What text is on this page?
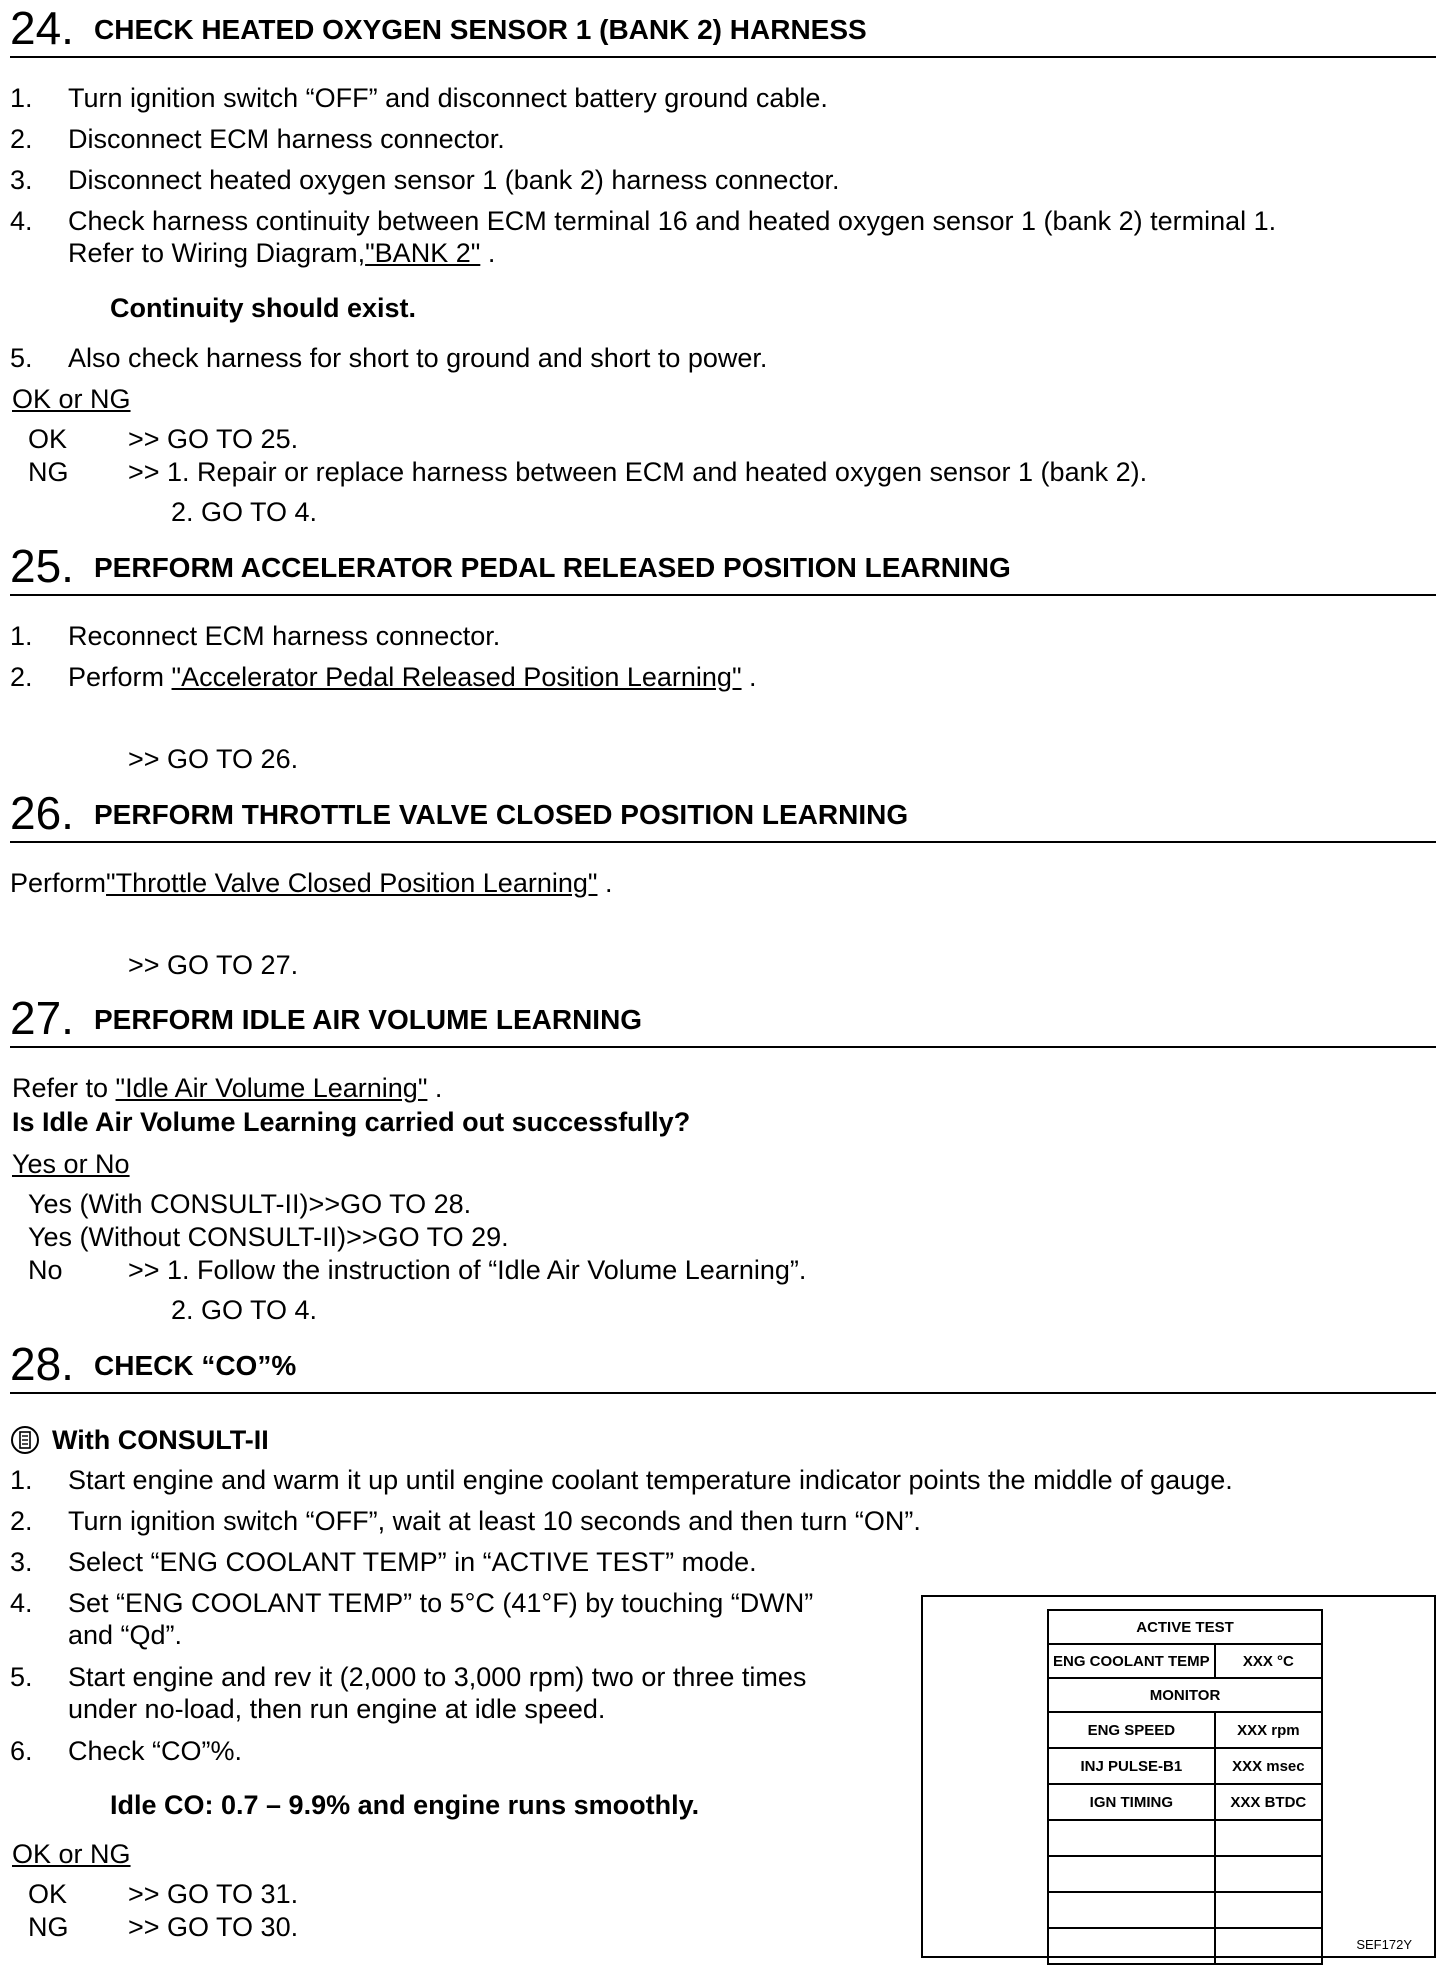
24. CHECK HEATED OXYGEN SENSOR 1 (BANK 2) HARNESS
1. Turn ignition switch “OFF” and disconnect battery ground cable.
2. Disconnect ECM harness connector.
3. Disconnect heated oxygen sensor 1 (bank 2) harness connector.
4. Check harness continuity between ECM terminal 16 and heated oxygen sensor 1 (bank 2) terminal 1.
Refer to Wiring Diagram,"BANK 2" .
Continuity should exist.
5. Also check harness for short to ground and short to power.
OK or NG
OK >> GO TO 25.
NG >> 1. Repair or replace harness between ECM and heated oxygen sensor 1 (bank 2).
2. GO TO 4.
25. PERFORM ACCELERATOR PEDAL RELEASED POSITION LEARNING
1. Reconnect ECM harness connector.
2. Perform "Accelerator Pedal Released Position Learning" .
>> GO TO 26.
26. PERFORM THROTTLE VALVE CLOSED POSITION LEARNING
Perform"Throttle Valve Closed Position Learning" .
>> GO TO 27.
27. PERFORM IDLE AIR VOLUME LEARNING
Refer to "Idle Air Volume Learning" .
Is Idle Air Volume Learning carried out successfully?
Yes or No
Yes (With CONSULT-II)>>GO TO 28.
Yes (Without CONSULT-II)>>GO TO 29.
No >> 1. Follow the instruction of “Idle Air Volume Learning”.
2. GO TO 4.
28. CHECK “CO”%
With CONSULT-II
1. Start engine and warm it up until engine coolant temperature indicator points the middle of gauge.
2. Turn ignition switch “OFF”, wait at least 10 seconds and then turn “ON”.
3. Select “ENG COOLANT TEMP” in “ACTIVE TEST” mode.
4. Set “ENG COOLANT TEMP” to 5°C (41°F) by touching “DWN”
and “Qd”.
5. Start engine and rev it (2,000 to 3,000 rpm) two or three times
under no-load, then run engine at idle speed.
6. Check “CO”%.
Idle CO: 0.7 – 9.9% and engine runs smoothly.
OK or NG
OK >> GO TO 31.
NG >> GO TO 30.
ACTIVE TEST	
ENG COOLANT TEMP	XXX °C
MONITOR	
ENG SPEED	XXX rpm
INJ PULSE-B1	XXX msec
IGN TIMING	XXX BTDC

SEF172Y
